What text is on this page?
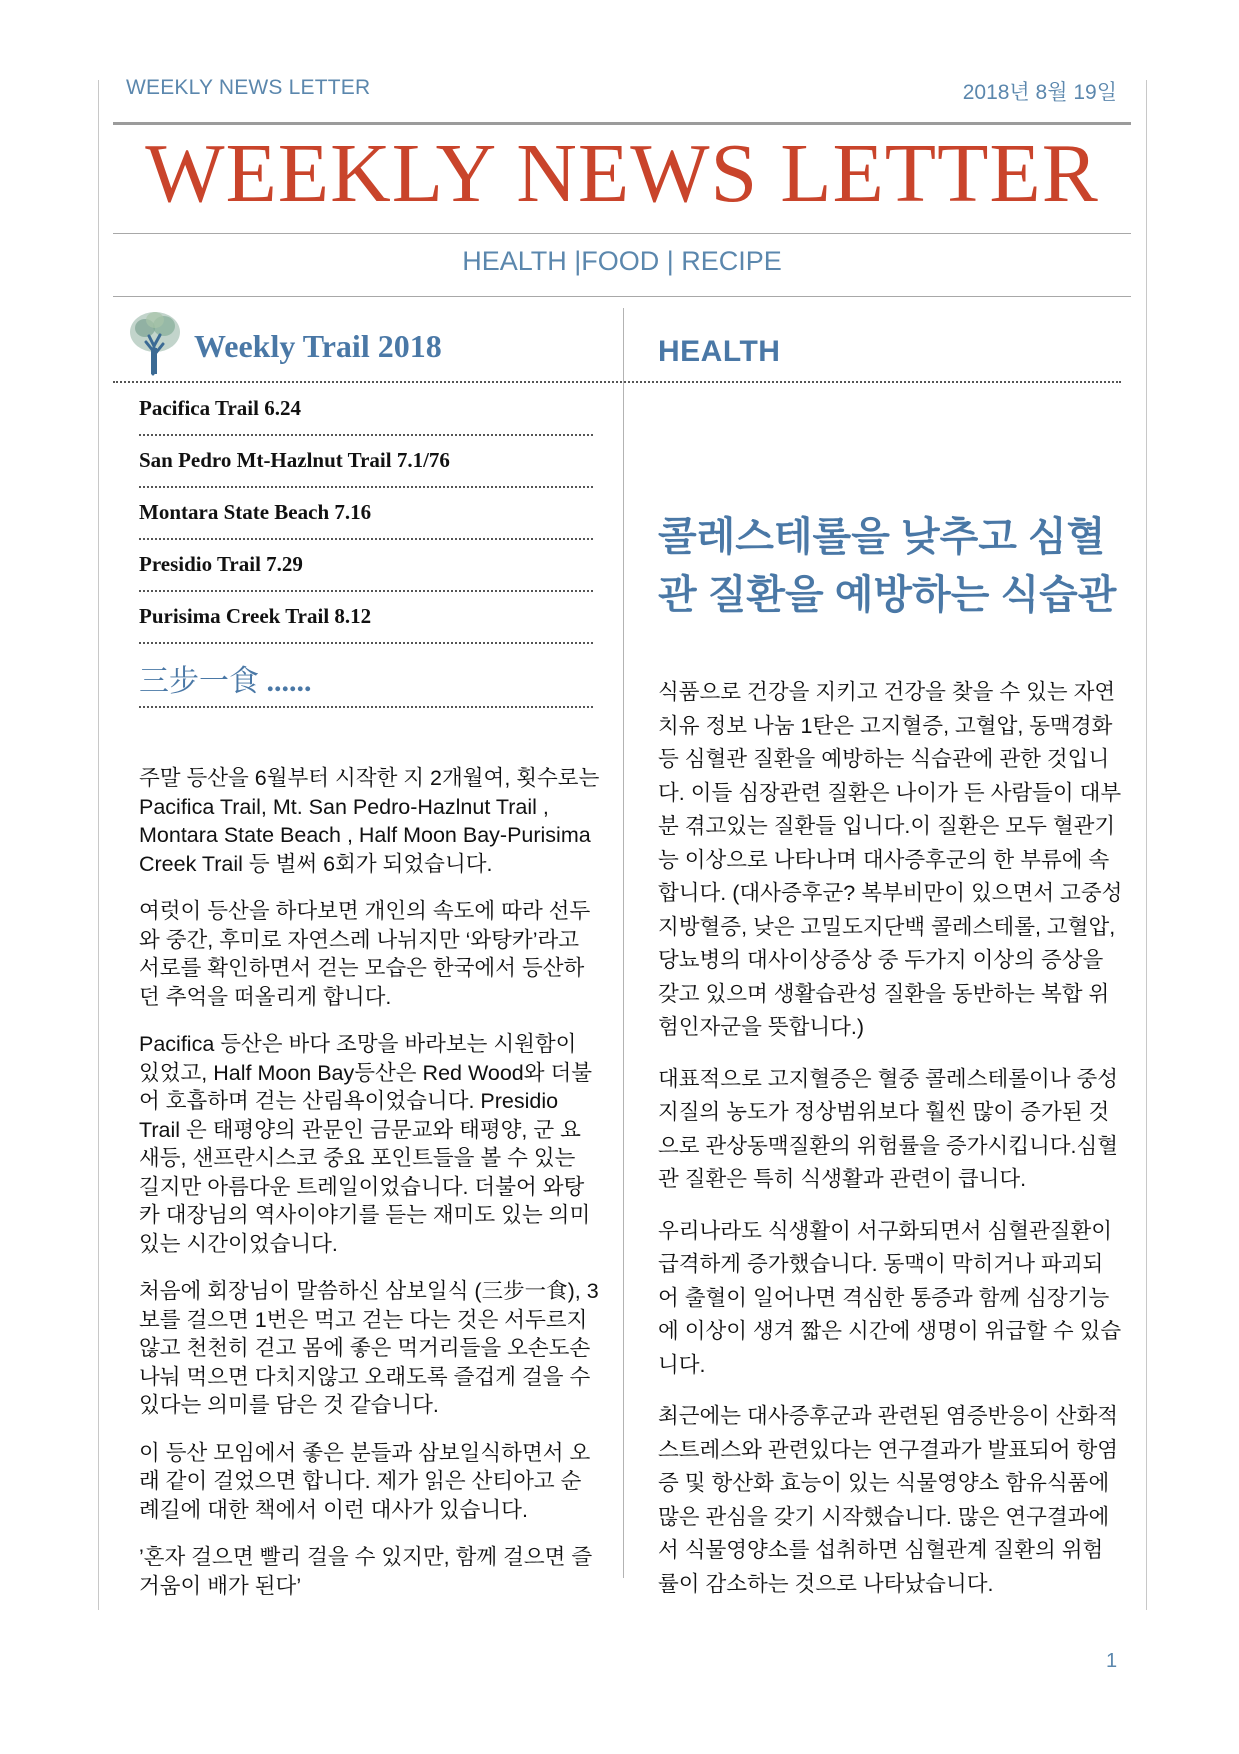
WEEKLY NEWS LETTER	2018년 8월 19일
WEEKLY NEWS LETTER
HEALTH |FOOD | RECIPE
Weekly Trail 2018	HEALTH
Pacifica Trail 6.24
San Pedro Mt-Hazlnut Trail 7.1/76
Montara State Beach 7.16
Presidio Trail 7.29
Purisima Creek Trail 8.12
三步一食 ......

주말 등산을 6월부터 시작한 지 2개월여, 횟수로는 Pacifica Trail, Mt. San Pedro-Hazlnut Trail , Montara State Beach , Half Moon Bay-Purisima Creek Trail 등 벌써 6회가 되었습니다.

여럿이 등산을 하다보면 개인의 속도에 따라 선두와 중간, 후미로 자연스레 나뉘지만 ‘와탕카’라고 서로를 확인하면서 걷는 모습은 한국에서 등산하던 추억을 떠올리게 합니다.

Pacifica 등산은 바다 조망을 바라보는 시원함이 있었고, Half Moon Bay등산은 Red Wood와 더불어 호흡하며 걷는 산림욕이었습니다. Presidio Trail 은 태평양의 관문인 금문교와 태평양, 군 요새등, 샌프란시스코 중요 포인트들을 볼 수 있는 길지만 아름다운 트레일이었습니다. 더불어 와탕카 대장님의 역사이야기를 듣는 재미도 있는 의미 있는 시간이었습니다.

처음에 회장님이 말씀하신 삼보일식 (三步一食), 3보를 걸으면 1번은 먹고 걷는 다는 것은 서두르지않고 천천히 걷고 몸에 좋은 먹거리들을 오손도손 나눠 먹으면 다치지않고 오래도록 즐겁게 걸을 수 있다는 의미를 담은 것 같습니다.

이 등산 모임에서 좋은 분들과 삼보일식하면서 오래 같이 걸었으면 합니다. 제가 읽은 산티아고 순례길에 대한 책에서 이런 대사가 있습니다.

’혼자 걸으면 빨리 걸을 수 있지만, 함께 걸으면 즐거움이 배가 된다’

콜레스테롤을 낮추고 심혈관 질환을 예방하는 식습관

식품으로 건강을 지키고 건강을 찾을 수 있는 자연 치유 정보 나눔 1탄은 고지혈증, 고혈압, 동맥경화 등 심혈관 질환을 예방하는 식습관에 관한 것입니다. 이들 심장관련 질환은 나이가 든 사람들이 대부분 겪고있는 질환들 입니다.이 질환은 모두 혈관기능 이상으로 나타나며 대사증후군의 한 부류에 속합니다. (대사증후군? 복부비만이 있으면서 고중성지방혈증, 낮은 고밀도지단백 콜레스테롤, 고혈압, 당뇨병의 대사이상증상 중 두가지 이상의 증상을 갖고 있으며 생활습관성 질환을 동반하는 복합 위험인자군을 뜻합니다.)

대표적으로 고지혈증은 혈중 콜레스테롤이나 중성지질의 농도가 정상범위보다 훨씬 많이 증가된 것으로 관상동맥질환의 위험률을 증가시킵니다.심혈관 질환은 특히 식생활과 관련이 큽니다.

우리나라도 식생활이 서구화되면서 심혈관질환이 급격하게 증가했습니다. 동맥이 막히거나 파괴되어 출혈이 일어나면 격심한 통증과 함께 심장기능에 이상이 생겨 짧은 시간에 생명이 위급할 수 있습니다.

최근에는 대사증후군과 관련된 염증반응이 산화적 스트레스와 관련있다는 연구결과가 발표되어 항염증 및 항산화 효능이 있는 식물영양소 함유식품에 많은 관심을 갖기 시작했습니다. 많은 연구결과에서 식물영양소를 섭취하면 심혈관계 질환의 위험률이 감소하는 것으로 나타났습니다.

1
